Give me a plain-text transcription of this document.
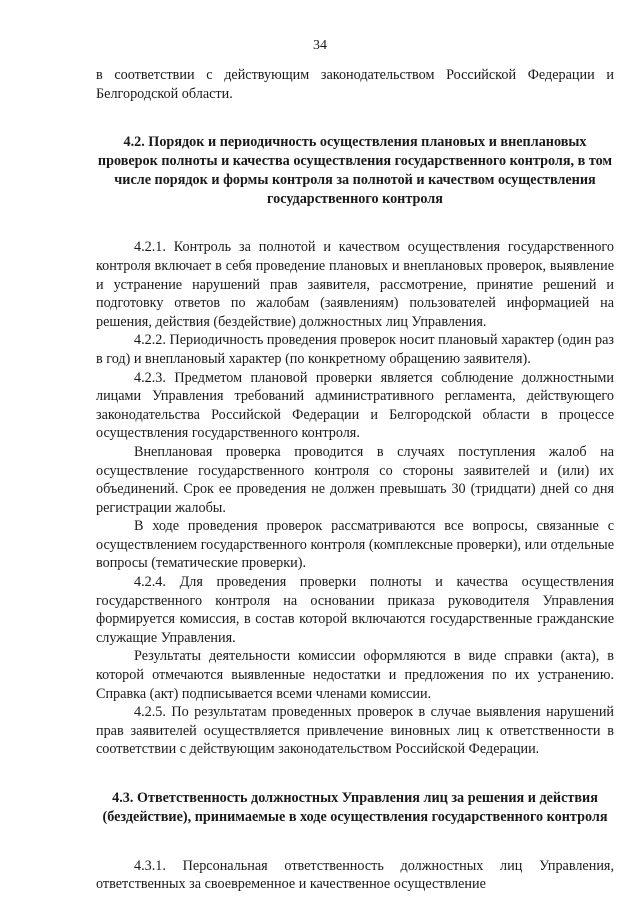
34

в соответствии с действующим законодательством Российской Федерации и Белгородской области.

4.2. Порядок и периодичность осуществления плановых и внеплановых проверок полноты и качества осуществления государственного контроля, в том числе порядок и формы контроля за полнотой и качеством осуществления государственного контроля

4.2.1. Контроль за полнотой и качеством осуществления государственного контроля включает в себя проведение плановых и внеплановых проверок, выявление и устранение нарушений прав заявителя, рассмотрение, принятие решений и подготовку ответов по жалобам (заявлениям) пользователей информацией на решения, действия (бездействие) должностных лиц Управления.

4.2.2. Периодичность проведения проверок носит плановый характер (один раз в год) и внеплановый характер (по конкретному обращению заявителя).

4.2.3. Предметом плановой проверки является соблюдение должностными лицами Управления требований административного регламента, действующего законодательства Российской Федерации и Белгородской области в процессе осуществления государственного контроля.

Внеплановая проверка проводится в случаях поступления жалоб на осуществление государственного контроля со стороны заявителей и (или) их объединений. Срок ее проведения не должен превышать 30 (тридцати) дней со дня регистрации жалобы.

В ходе проведения проверок рассматриваются все вопросы, связанные с осуществлением государственного контроля (комплексные проверки), или отдельные вопросы (тематические проверки).

4.2.4. Для проведения проверки полноты и качества осуществления государственного контроля на основании приказа руководителя Управления формируется комиссия, в состав которой включаются государственные гражданские служащие Управления.

Результаты деятельности комиссии оформляются в виде справки (акта), в которой отмечаются выявленные недостатки и предложения по их устранению. Справка (акт) подписывается всеми членами комиссии.

4.2.5. По результатам проведенных проверок в случае выявления нарушений прав заявителей осуществляется привлечение виновных лиц к ответственности в соответствии с действующим законодательством Российской Федерации.

4.3. Ответственность должностных Управления лиц за решения и действия (бездействие), принимаемые в ходе осуществления государственного контроля

4.3.1. Персональная ответственность должностных лиц Управления, ответственных за своевременное и качественное осуществление
